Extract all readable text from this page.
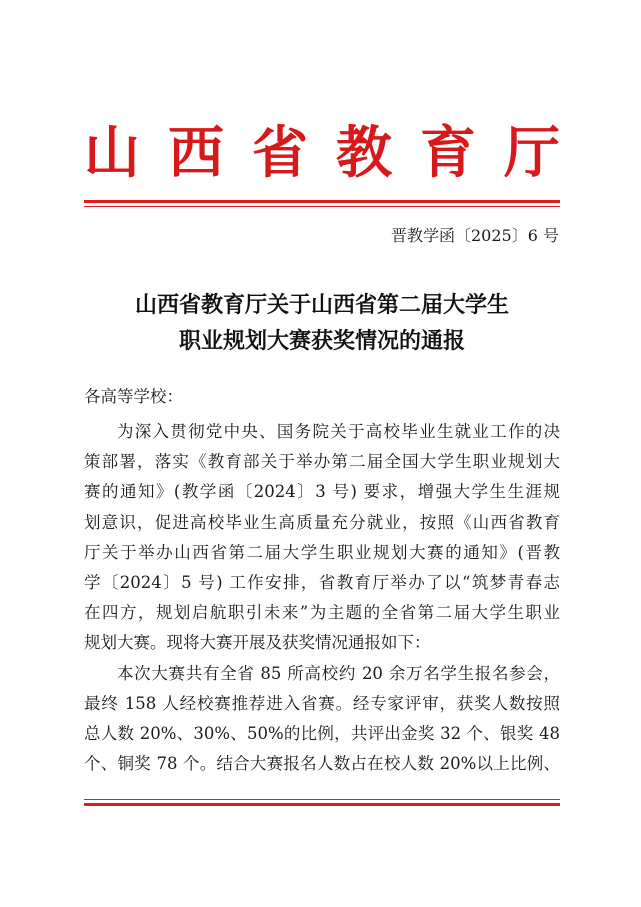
山 西 省 教 育 厅
晋教学函〔2025〕6 号
山西省教育厅关于山西省第二届大学生
职业规划大赛获奖情况的通报
各高等学校：
为深入贯彻党中央、国务院关于高校毕业生就业工作的决
策部署，落实《教育部关于举办第二届全国大学生职业规划大
赛的通知》(教学函〔2024〕3 号) 要求，增强大学生生涯规
划意识，促进高校毕业生高质量充分就业，按照《山西省教育
厅关于举办山西省第二届大学生职业规划大赛的通知》(晋教
学〔2024〕5 号) 工作安排，省教育厅举办了以“筑梦青春志
在四方，规划启航职引未来”为主题的全省第二届大学生职业
规划大赛。现将大赛开展及获奖情况通报如下：
本次大赛共有全省 85 所高校约 20 余万名学生报名参会，
最终 158 人经校赛推荐进入省赛。经专家评审，获奖人数按照
总人数 20%、30%、50%的比例，共评出金奖 32 个、银奖 48
个、铜奖 78 个。结合大赛报名人数占在校人数 20%以上比例、
